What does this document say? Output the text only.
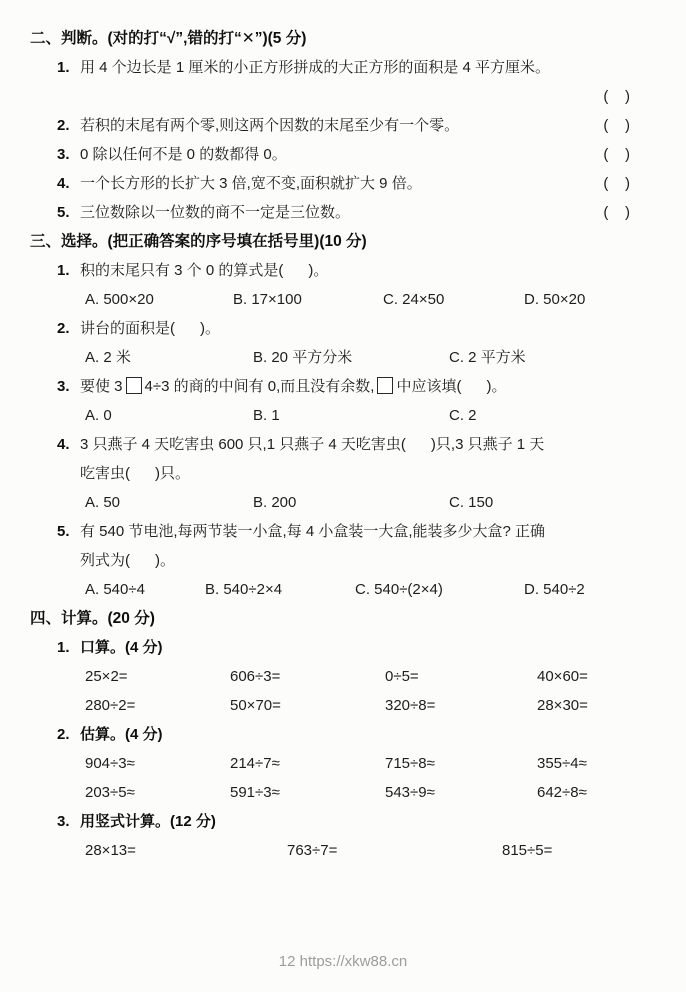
二、判断。(对的打“√”,错的打“✕”)(5 分)
1. 用 4 个边长是 1 厘米的小正方形拼成的大正方形的面积是 4 平方厘米。
(    )
2. 若积的末尾有两个零,则这两个因数的末尾至少有一个零。	(    )
3. 0 除以任何不是 0 的数都得 0。	(    )
4. 一个长方形的长扩大 3 倍,宽不变,面积就扩大 9 倍。	(    )
5. 三位数除以一位数的商不一定是三位数。	(    )
三、选择。(把正确答案的序号填在括号里)(10 分)
1. 积的末尾只有 3 个 0 的算式是(      )。
A. 500×20	B. 17×100	C. 24×50	D. 50×20
2. 讲台的面积是(      )。
A. 2 米	B. 20 平方分米	C. 2 平方米
3. 要使 3 4÷3 的商的中间有 0,而且没有余数, 中应该填(      )。
A. 0	B. 1	C. 2
4. 3 只燕子 4 天吃害虫 600 只,1 只燕子 4 天吃害虫(      )只,3 只燕子 1 天
吃害虫(      )只。
A. 50	B. 200	C. 150
5. 有 540 节电池,每两节装一小盒,每 4 小盒装一大盒,能装多少大盒? 正确
列式为(      )。
A. 540÷4	B. 540÷2×4	C. 540÷(2×4)	D. 540÷2
四、计算。(20 分)
1. 口算。(4 分)
25×2=	606÷3=	0÷5=	40×60=
280÷2=	50×70=	320÷8=	28×30=
2. 估算。(4 分)
904÷3≈	214÷7≈	715÷8≈	355÷4≈
203÷5≈	591÷3≈	543÷9≈	642÷8≈
3. 用竖式计算。(12 分)
28×13=	763÷7=	815÷5=
12 https://xkw88.cn
